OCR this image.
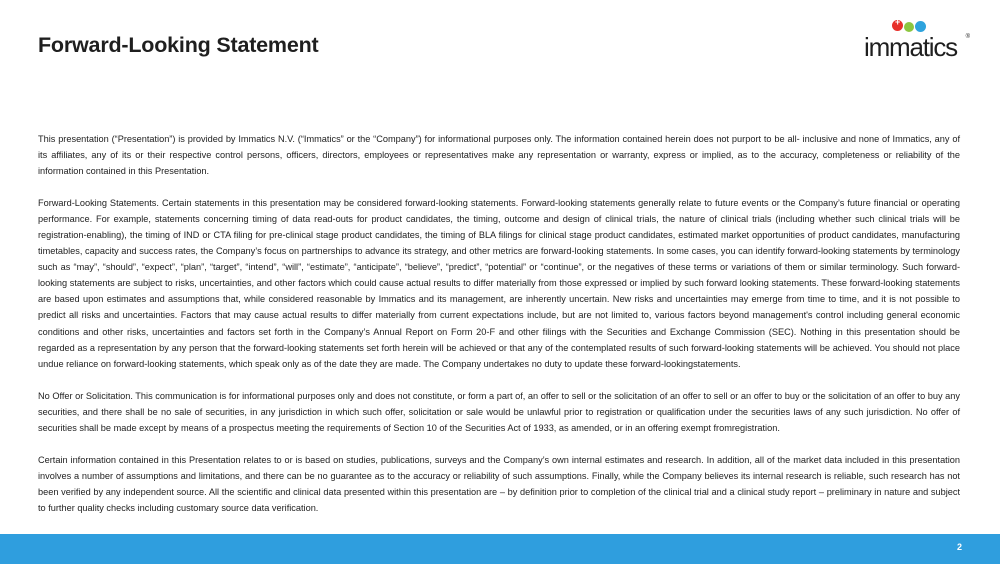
Forward-Looking Statement
+
immatics ®

This presentation (“Presentation”) is provided by Immatics N.V. (“Immatics” or the “Company”) for informational purposes only. The information contained herein does not purport to be all- inclusive and none of Immatics, any of its affiliates, any of its or their respective control persons, officers, directors, employees or representatives make any representation or warranty, express or implied, as to the accuracy, completeness or reliability of the information contained in this Presentation.

Forward-Looking Statements. Certain statements in this presentation may be considered forward-looking statements. Forward-looking statements generally relate to future events or the Company’s future financial or operating performance. For example, statements concerning timing of data read-outs for product candidates, the timing, outcome and design of clinical trials, the nature of clinical trials (including whether such clinical trials will be registration-enabling), the timing of IND or CTA filing for pre-clinical stage product candidates, the timing of BLA filings for clinical stage product candidates, estimated market opportunities of product candidates, manufacturing timetables, capacity and success rates, the Company’s focus on partnerships to advance its strategy, and other metrics are forward-looking statements. In some cases, you can identify forward-looking statements by terminology such as “may”, “should”, “expect”, “plan”, “target”, “intend”, “will”, “estimate”, “anticipate”, “believe”, “predict”, “potential” or “continue”, or the negatives of these terms or variations of them or similar terminology. Such forward-looking statements are subject to risks, uncertainties, and other factors which could cause actual results to differ materially from those expressed or implied by such forward looking statements. These forward-looking statements are based upon estimates and assumptions that, while considered reasonable by Immatics and its management, are inherently uncertain. New risks and uncertainties may emerge from time to time, and it is not possible to predict all risks and uncertainties. Factors that may cause actual results to differ materially from current expectations include, but are not limited to, various factors beyond management's control including general economic conditions and other risks, uncertainties and factors set forth in the Company’s Annual Report on Form 20-F and other filings with the Securities and Exchange Commission (SEC). Nothing in this presentation should be regarded as a representation by any person that the forward-looking statements set forth herein will be achieved or that any of the contemplated results of such forward-looking statements will be achieved. You should not place undue reliance on forward-looking statements, which speak only as of the date they are made. The Company undertakes no duty to update these forward-lookingstatements.

No Offer or Solicitation. This communication is for informational purposes only and does not constitute, or form a part of, an offer to sell or the solicitation of an offer to sell or an offer to buy or the solicitation of an offer to buy any securities, and there shall be no sale of securities, in any jurisdiction in which such offer, solicitation or sale would be unlawful prior to registration or qualification under the securities laws of any such jurisdiction. No offer of securities shall be made except by means of a prospectus meeting the requirements of Section 10 of the Securities Act of 1933, as amended, or in an offering exempt fromregistration.

Certain information contained in this Presentation relates to or is based on studies, publications, surveys and the Company’s own internal estimates and research. In addition, all of the market data included in this presentation involves a number of assumptions and limitations, and there can be no guarantee as to the accuracy or reliability of such assumptions. Finally, while the Company believes its internal research is reliable, such research has not been verified by any independent source. All the scientific and clinical data presented within this presentation are – by definition prior to completion of the clinical trial and a clinical study report – preliminary in nature and subject to further quality checks including customary source data verification.

2
